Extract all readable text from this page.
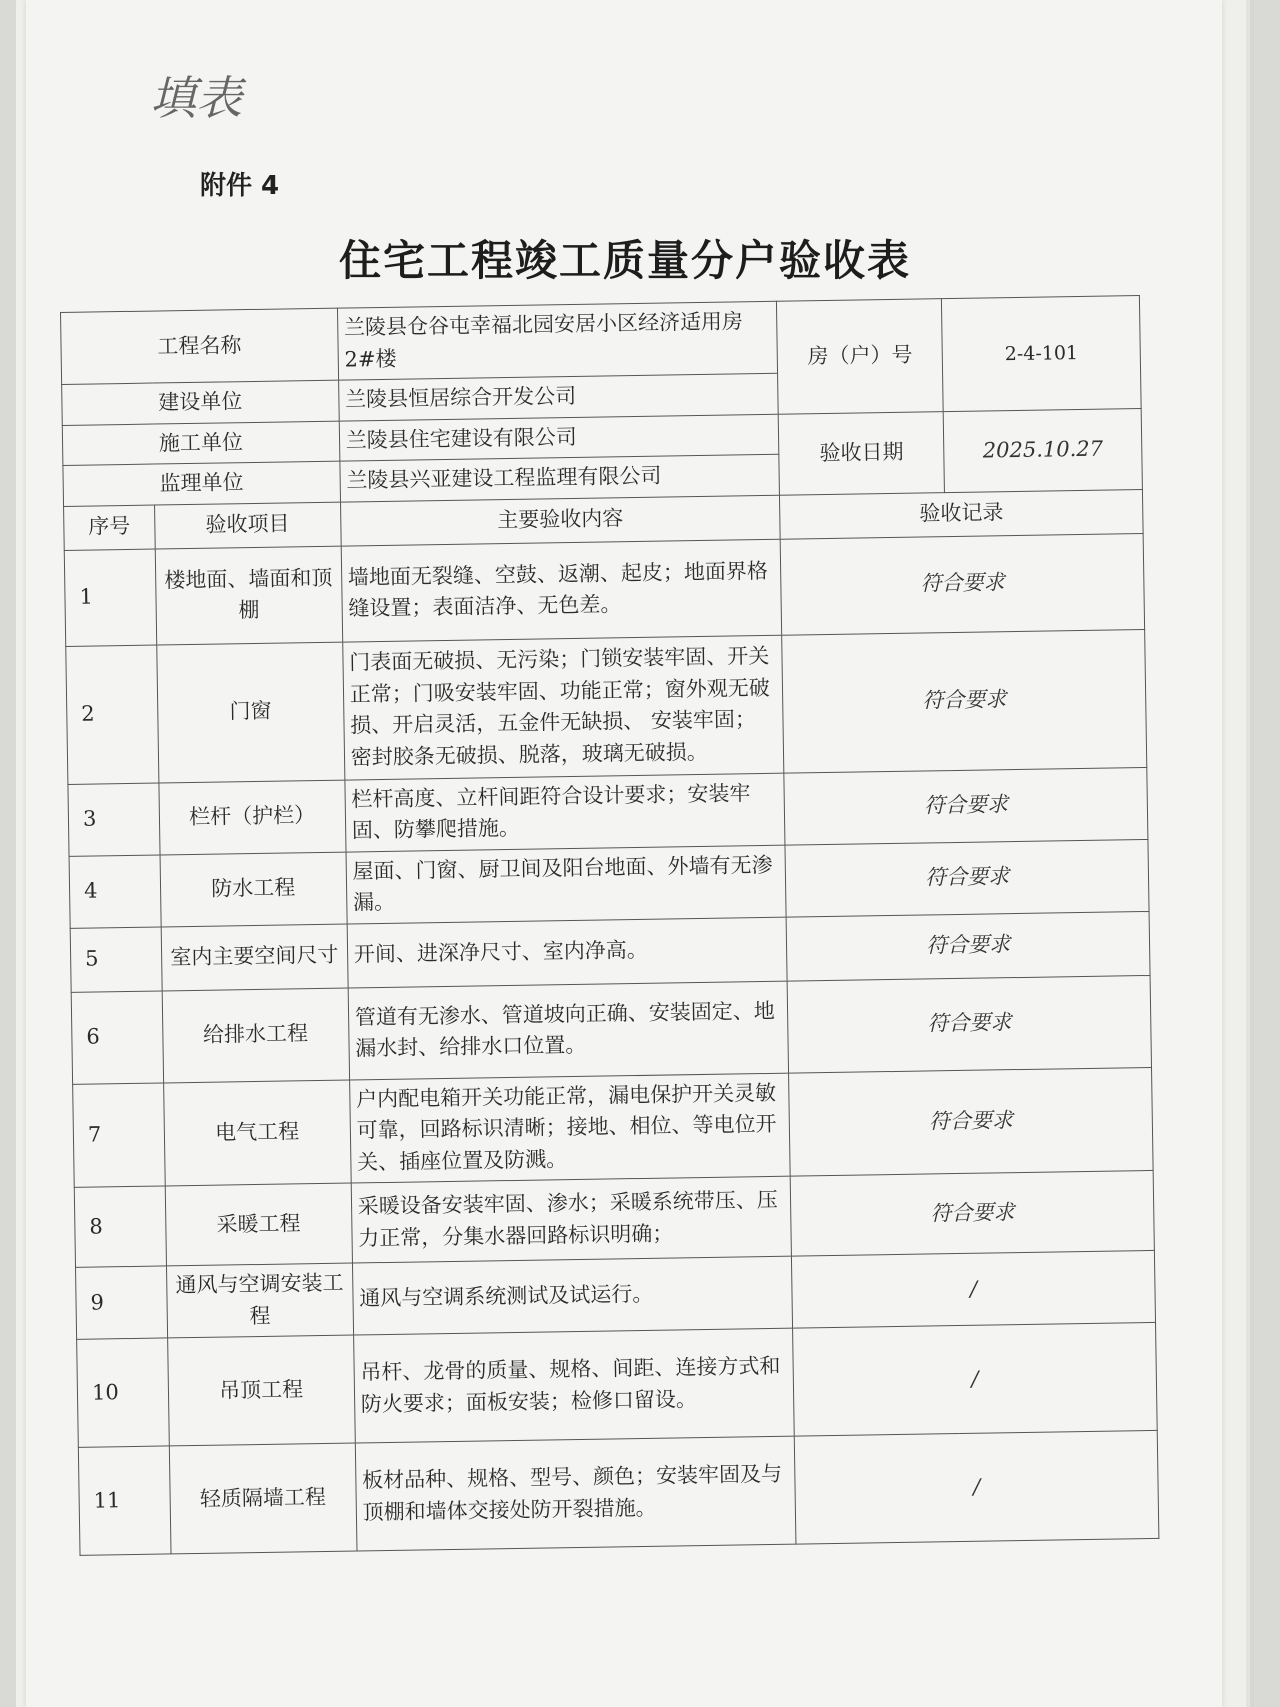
填表
附件 4
住宅工程竣工质量分户验收表
工程名称		兰陵县仓谷屯幸福北园安居小区经济适用房2#楼	房（户）号	2-4-101
建设单位		兰陵县恒居综合开发公司		
施工单位		兰陵县住宅建设有限公司	验收日期	2025.10.27
监理单位		兰陵县兴亚建设工程监理有限公司		
序号	验收项目	主要验收内容	验收记录	
1	楼地面、墙面和顶棚	墙地面无裂缝、空鼓、返潮、起皮；地面界格缝设置；表面洁净、无色差。	符合要求	
2	门窗	门表面无破损、无污染；门锁安装牢固、开关正常；门吸安装牢固、功能正常；窗外观无破损、开启灵活，五金件无缺损、 安装牢固；密封胶条无破损、脱落，玻璃无破损。	符合要求	
3	栏杆（护栏）	栏杆高度、立杆间距符合设计要求；安装牢固、防攀爬措施。	符合要求	
4	防水工程	屋面、门窗、厨卫间及阳台地面、外墙有无渗漏。	符合要求	
5	室内主要空间尺寸	开间、进深净尺寸、室内净高。	符合要求	
6	给排水工程	管道有无渗水、管道坡向正确、安装固定、地漏水封、给排水口位置。	符合要求	
7	电气工程	户内配电箱开关功能正常，漏电保护开关灵敏可靠，回路标识清晰；接地、相位、等电位开关、插座位置及防溅。	符合要求	
8	采暖工程	采暖设备安装牢固、渗水；采暖系统带压、压力正常，分集水器回路标识明确；	符合要求	
9	通风与空调安装工程	通风与空调系统测试及试运行。	/	
10	吊顶工程	吊杆、龙骨的质量、规格、间距、连接方式和防火要求；面板安装；检修口留设。	/	
11	轻质隔墙工程	板材品种、规格、型号、颜色；安装牢固及与顶棚和墙体交接处防开裂措施。	/	
